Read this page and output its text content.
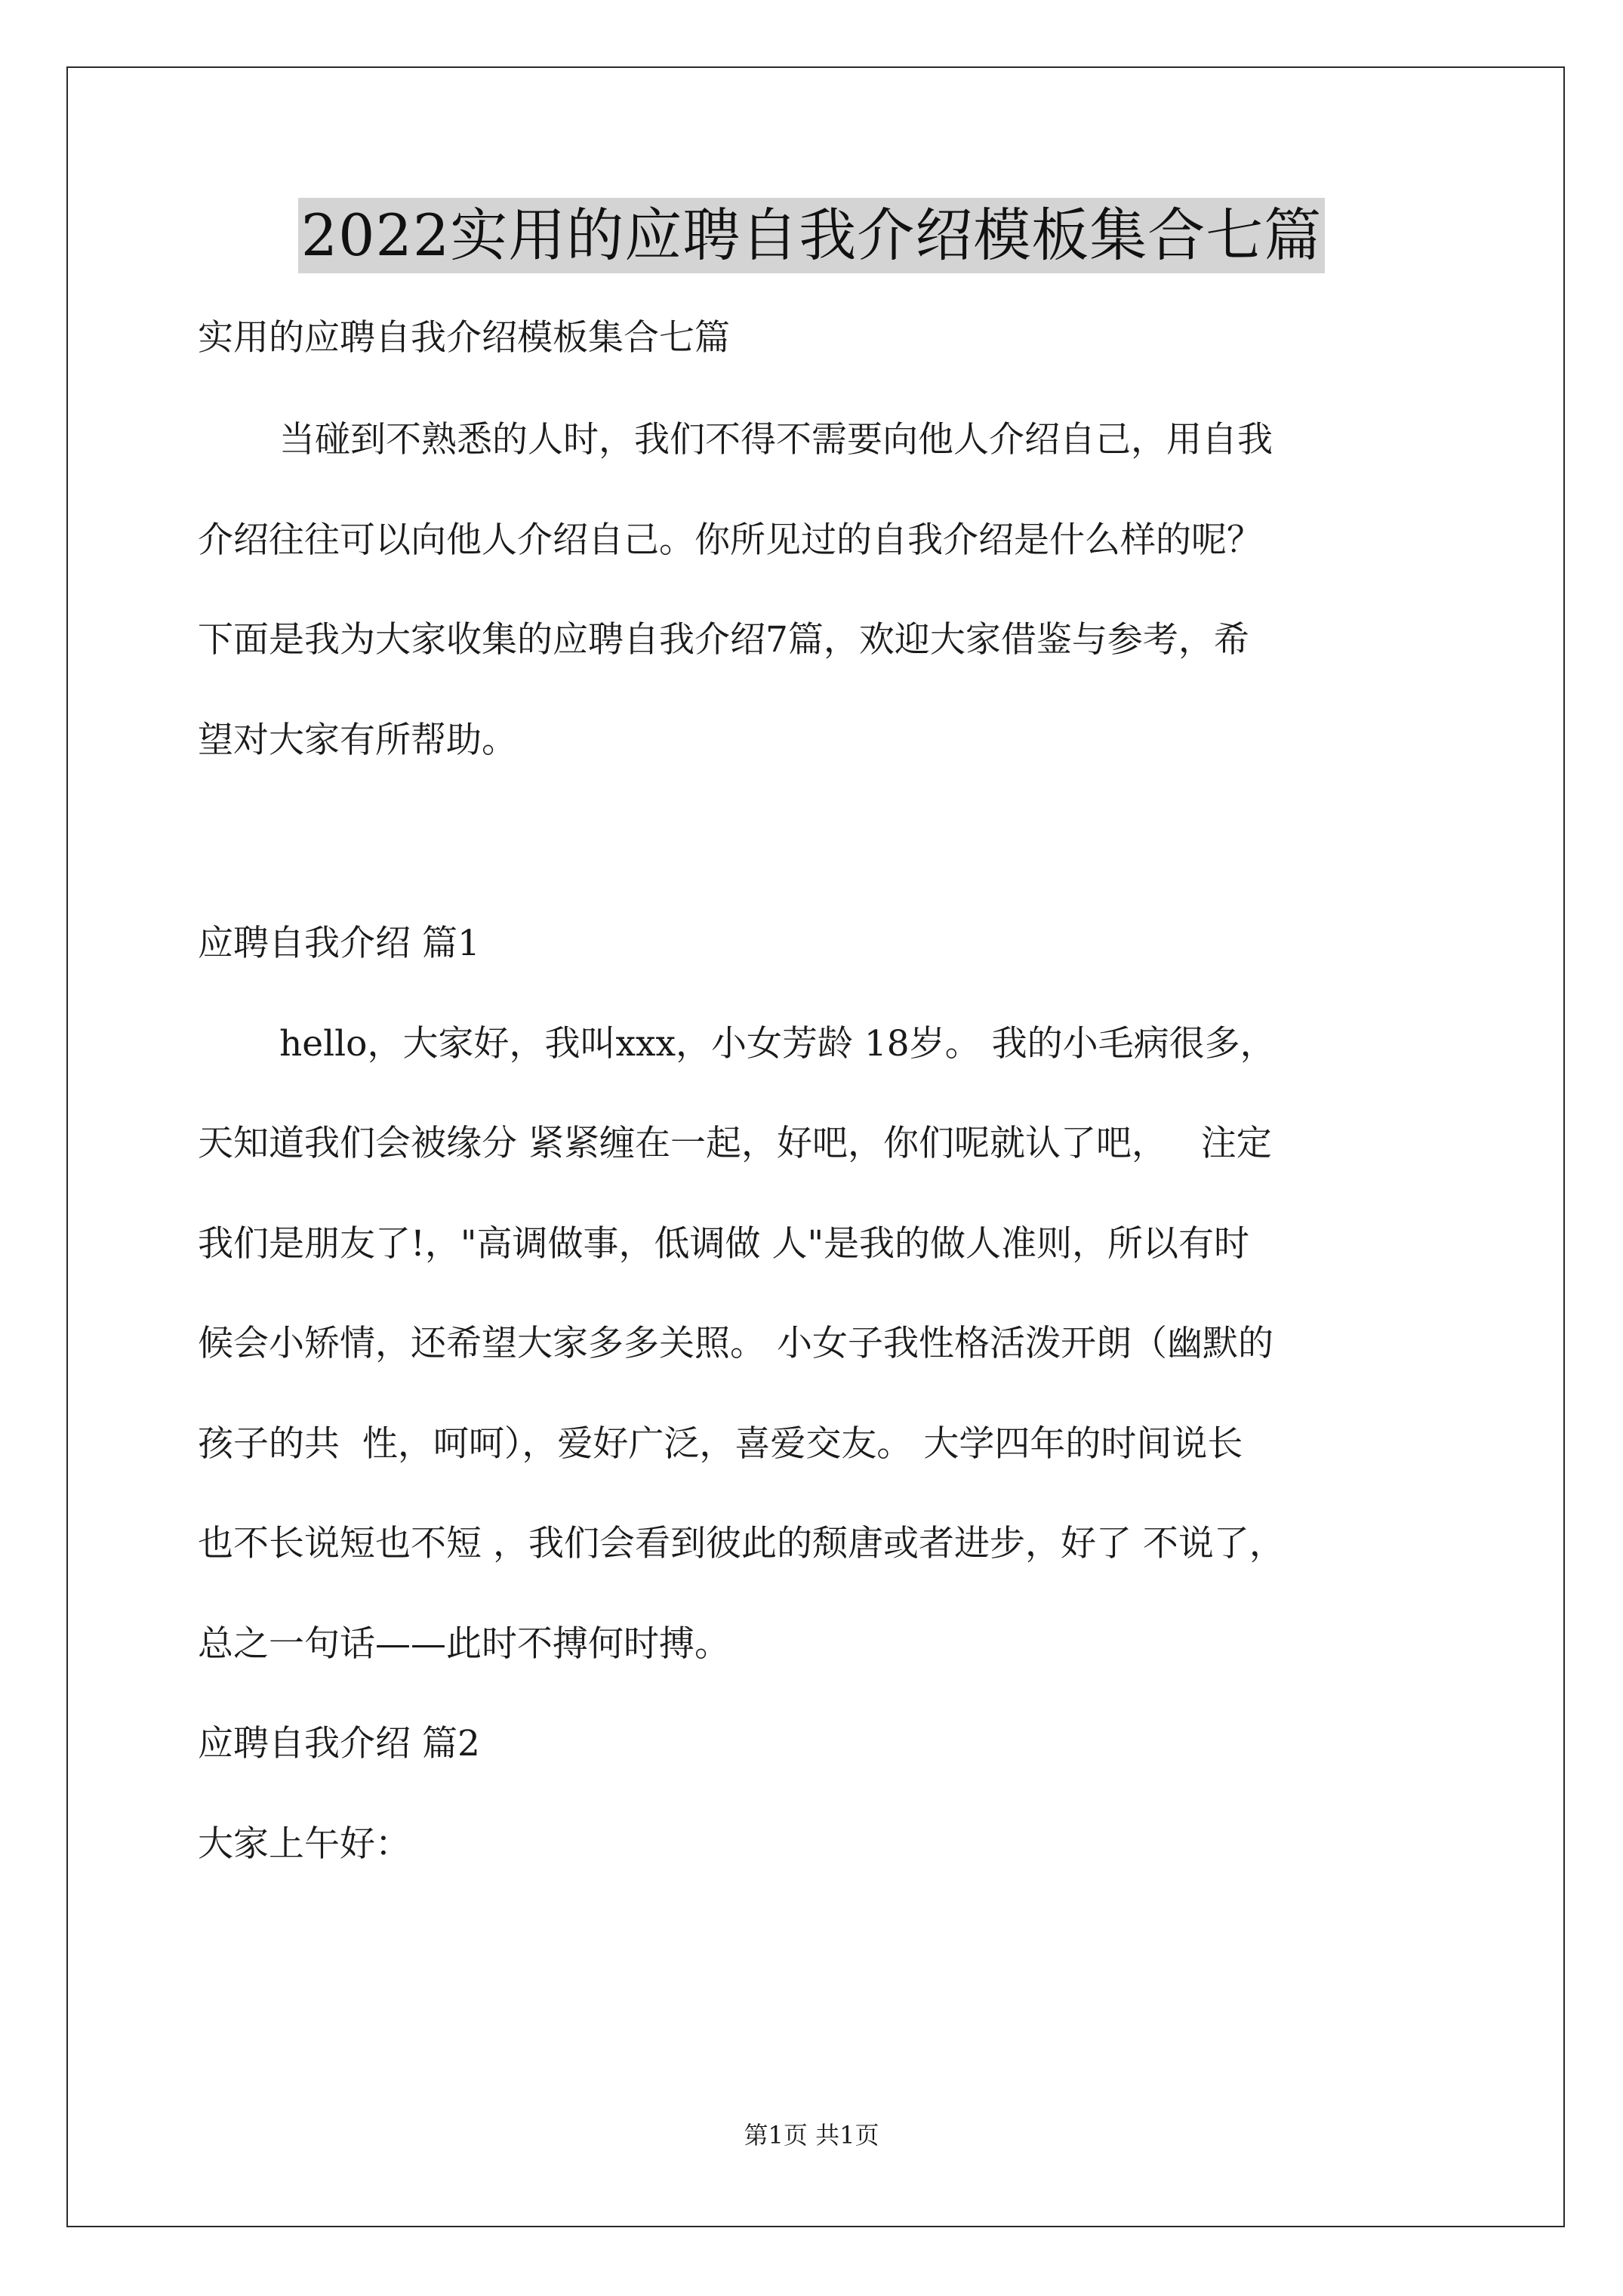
2022实用的应聘自我介绍模板集合七篇
实用的应聘自我介绍模板集合七篇
当碰到不熟悉的人时，我们不得不需要向他人介绍自己，用自我
介绍往往可以向他人介绍自己。你所见过的自我介绍是什么样的呢？
下面是我为大家收集的应聘自我介绍7篇，欢迎大家借鉴与参考，希
望对大家有所帮助。
应聘自我介绍 篇1
hello，大家好，我叫xxx，小女芳龄 18岁。 我的小毛病很多，
天知道我们会被缘分 紧紧缠在一起，好吧，你们呢就认了吧，   注定
我们是朋友了!，"高调做事，低调做 人"是我的做人准则，所以有时
候会小矫情，还希望大家多多关照。 小女子我性格活泼开朗（幽默的
孩子的共  性，呵呵），爱好广泛，喜爱交友。 大学四年的时间说长
也不长说短也不短 ，我们会看到彼此的颓唐或者进步，好了 不说了，
总之一句话——此时不搏何时搏。
应聘自我介绍 篇2
大家上午好：
第1页 共1页
